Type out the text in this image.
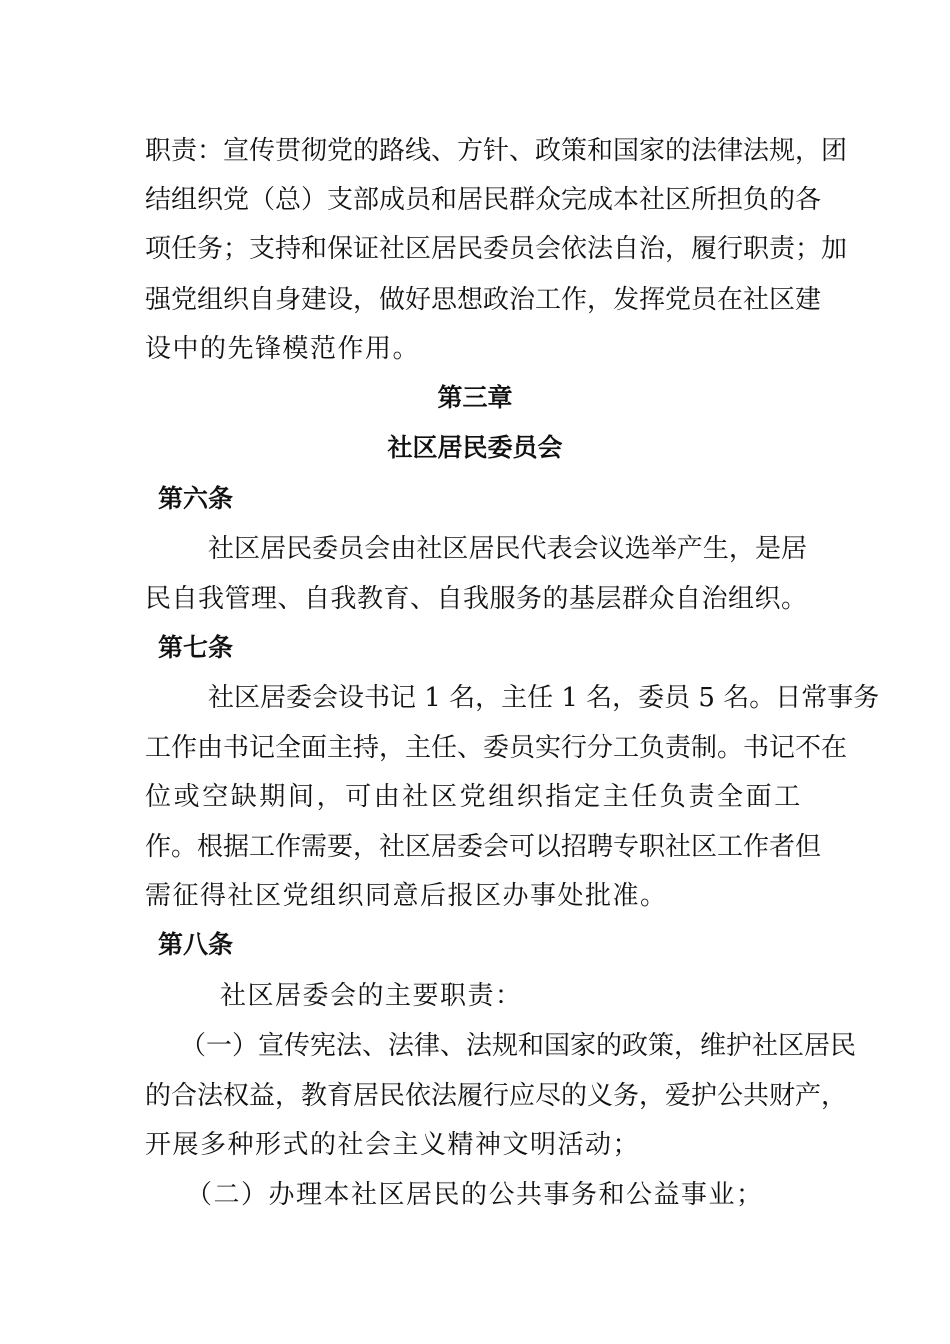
职责：宣传贯彻党的路线、方针、政策和国家的法律法规，团
结组织党（总）支部成员和居民群众完成本社区所担负的各
项任务；支持和保证社区居民委员会依法自治，履行职责；加
强党组织自身建设，做好思想政治工作，发挥党员在社区建
设中的先锋模范作用。
第三章
社区居民委员会
第六条
社区居民委员会由社区居民代表会议选举产生，是居
民自我管理、自我教育、自我服务的基层群众自治组织。
第七条
社区居委会设书记 1 名，主任 1 名，委员 5 名。日常事务
工作由书记全面主持，主任、委员实行分工负责制。书记不在
位或空缺期间，可由社区党组织指定主任负责全面工
作。根据工作需要，社区居委会可以招聘专职社区工作者但
需征得社区党组织同意后报区办事处批准。
第八条
社区居委会的主要职责：
（一）宣传宪法、法律、法规和国家的政策，维护社区居民
的合法权益，教育居民依法履行应尽的义务，爱护公共财产，
开展多种形式的社会主义精神文明活动；
（二）办理本社区居民的公共事务和公益事业；
